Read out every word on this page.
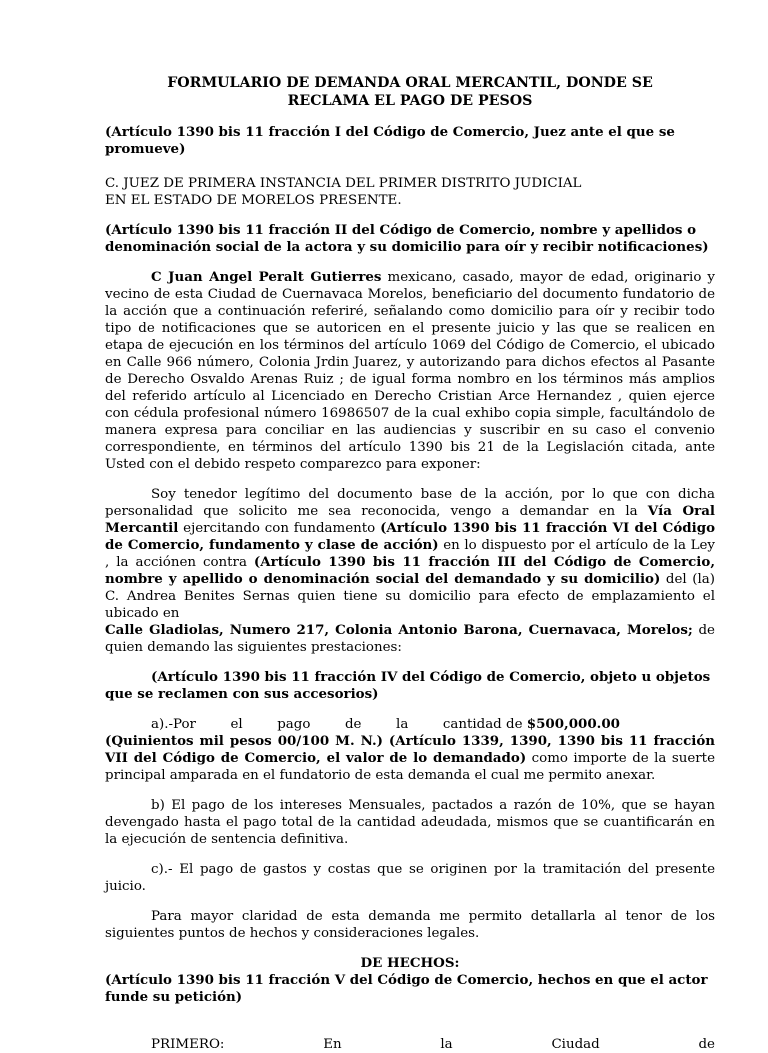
FORMULARIO DE DEMANDA ORAL MERCANTIL, DONDE SE
RECLAMA EL PAGO DE PESOS

(Artículo 1390 bis 11 fracción I del Código de Comercio, Juez ante el que se promueve)

C. JUEZ DE PRIMERA INSTANCIA DEL PRIMER DISTRITO JUDICIAL
EN EL ESTADO DE MORELOS PRESENTE.

(Artículo 1390 bis 11 fracción II del Código de Comercio, nombre y apellidos o denominación social de la actora y su domicilio para oír y recibir notificaciones)

C Juan Angel Peralt Gutierres mexicano, casado, mayor de edad, originario y vecino de esta Ciudad de Cuernavaca Morelos, beneficiario del documento fundatorio de la acción que a continuación referiré, señalando como domicilio para oír y recibir todo tipo de notificaciones que se autoricen en el presente juicio y las que se realicen en etapa de ejecución en los términos del artículo 1069 del Código de Comercio, el ubicado en Calle 966 número, Colonia Jrdin Juarez, y autorizando para dichos efectos al Pasante de Derecho Osvaldo Arenas Ruiz ; de igual forma nombro en los términos más amplios del referido artículo al Licenciado en Derecho Cristian Arce Hernandez , quien ejerce con cédula profesional número 16986507 de la cual exhibo copia simple, facultándolo de manera expresa para conciliar en las audiencias y suscribir en su caso el convenio correspondiente, en términos del artículo 1390 bis 21 de la Legislación citada, ante Usted con el debido respeto comparezco para exponer:

Soy tenedor legítimo del documento base de la acción, por lo que con dicha personalidad que solicito me sea reconocida, vengo a demandar en la Vía Oral Mercantil ejercitando con fundamento (Artículo 1390 bis 11 fracción VI del Código de Comercio, fundamento y clase de acción) en lo dispuesto por el artículo de la Ley , la acciónen contra (Artículo 1390 bis 11 fracción III del Código de Comercio, nombre y apellido o denominación social del demandado y su domicilio) del (la) C. Andrea Benites Sernas quien tiene su domicilio para efecto de emplazamiento el ubicado en
Calle Gladiolas, Numero 217, Colonia Antonio Barona, Cuernavaca, Morelos; de quien demando las siguientes prestaciones:

(Artículo 1390 bis 11 fracción IV del Código de Comercio, objeto u objetos que se reclamen con sus accesorios)

a).-Por	el	pago	de	la	cantidad de $500,000.00

(Quinientos mil pesos 00/100 M. N.) (Artículo 1339, 1390, 1390 bis 11 fracción VII del Código de Comercio, el valor de lo demandado) como importe de la suerte principal amparada en el fundatorio de esta demanda el cual me permito anexar.

b) El pago de los intereses Mensuales, pactados a razón de 10%, que se hayan devengado hasta el pago total de la cantidad adeudada, mismos que se cuantificarán en la ejecución de sentencia definitiva.

c).- El pago de gastos y costas que se originen por la tramitación del presente juicio.

Para mayor claridad de esta demanda me permito detallarla al tenor de los siguientes puntos de hechos y consideraciones legales.

DE HECHOS:

(Artículo 1390 bis 11 fracción V del Código de Comercio, hechos en que el actor funde su petición)

PRIMERO:	En	la	Ciudad	de
